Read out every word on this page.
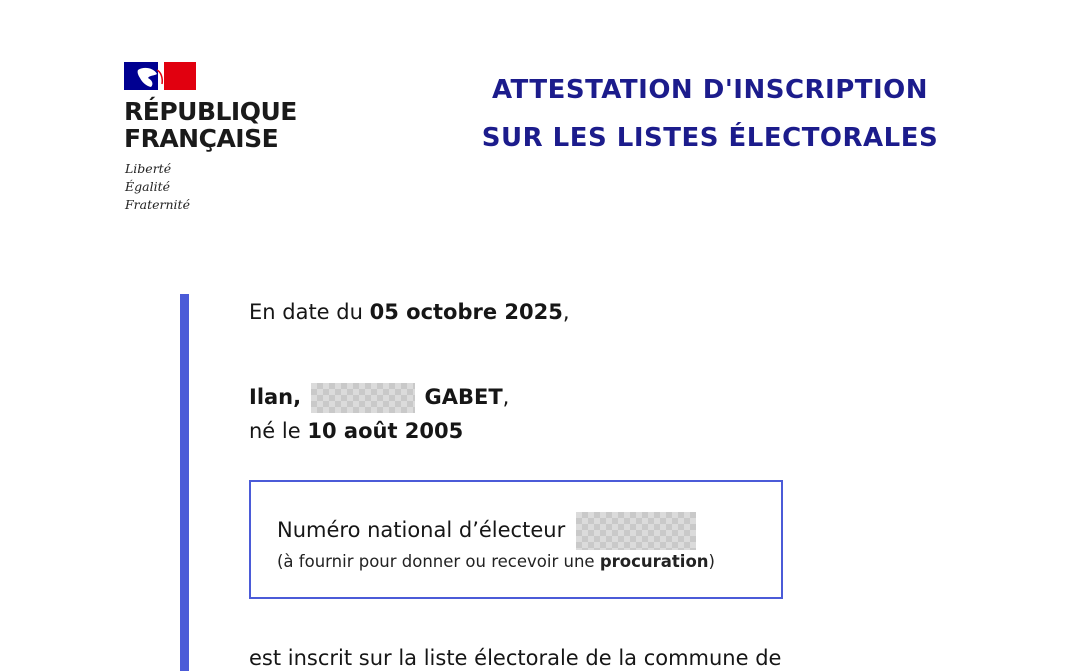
RÉPUBLIQUE
FRANÇAISE
Liberté
Égalité
Fraternité
ATTESTATION D'INSCRIPTION
SUR LES LISTES ÉLECTORALES
En date du 05 octobre 2025,
Ilan,	GABET,
né le 10 août 2005
Numéro national d’électeur
(à fournir pour donner ou recevoir une procuration)
est inscrit sur la liste électorale de la commune de
